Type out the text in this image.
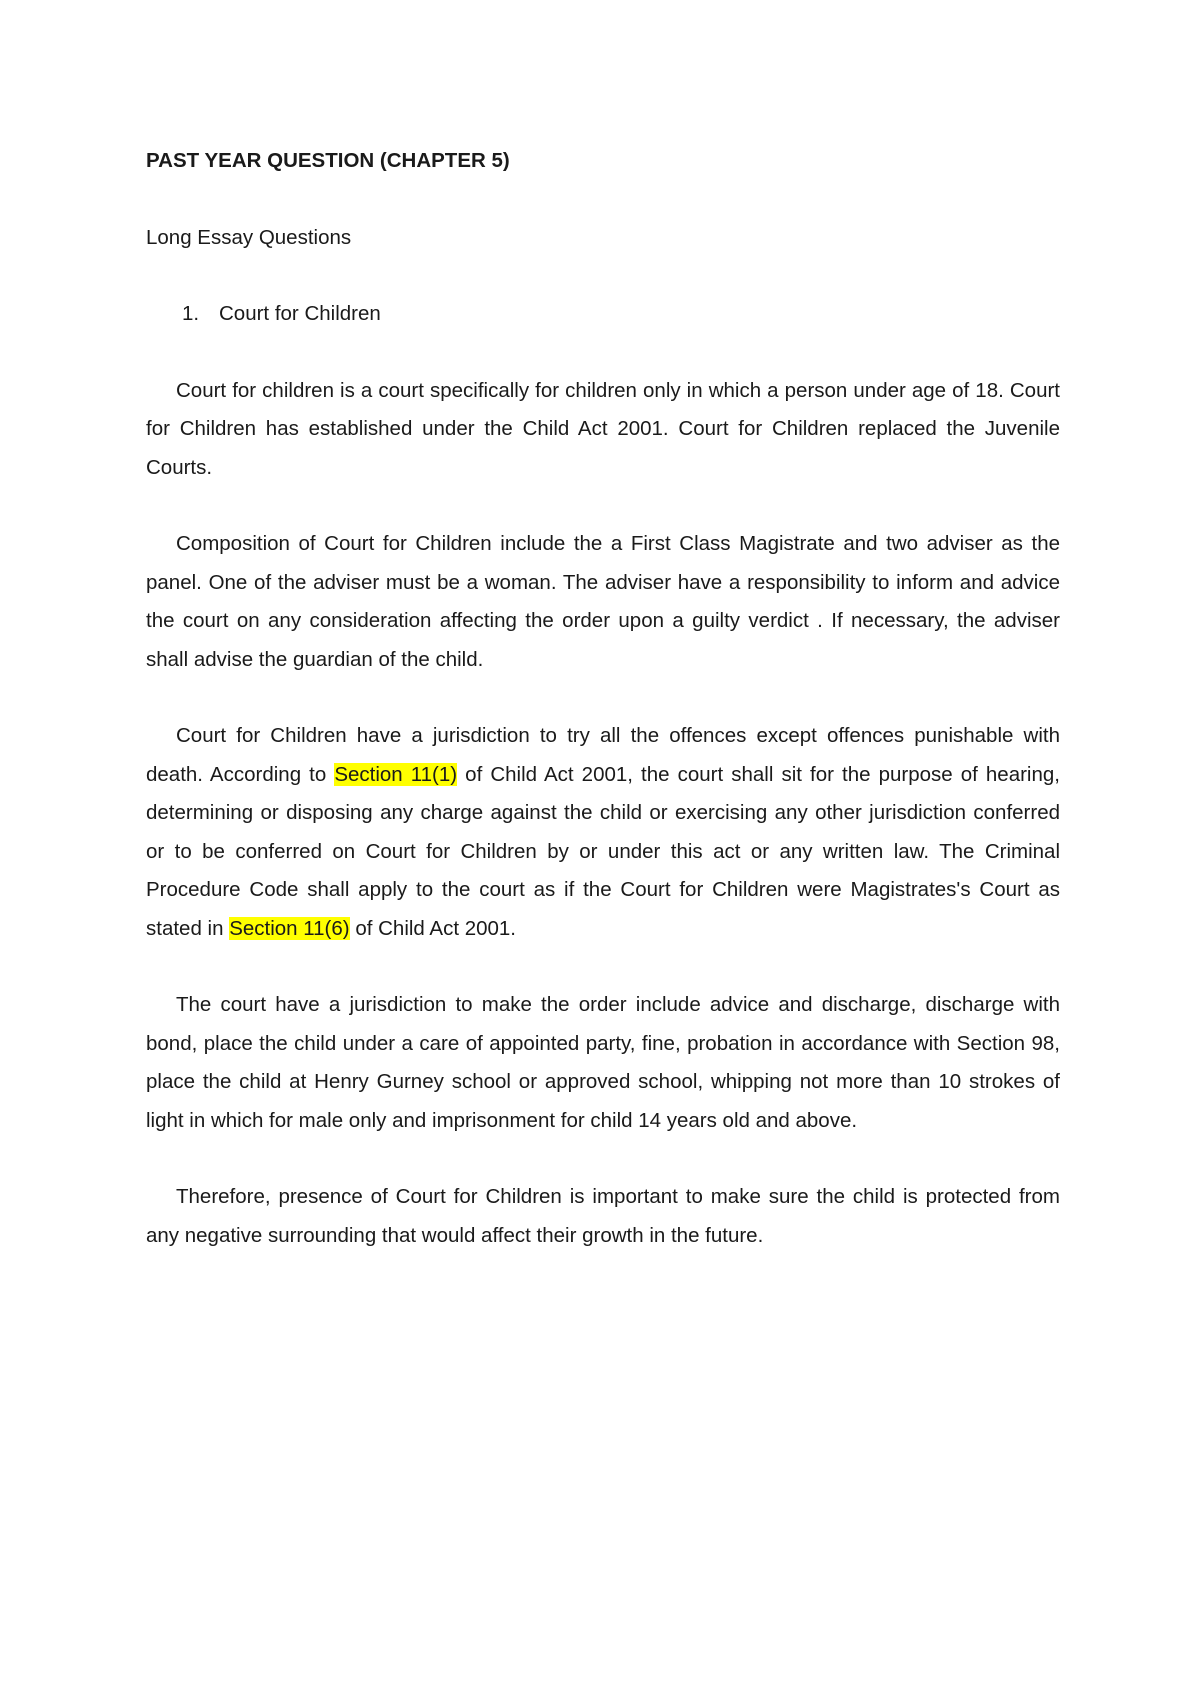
PAST YEAR QUESTION (CHAPTER 5)
Long Essay Questions
1. Court for Children

Court for children is a court specifically for children only in which a person under age of 18. Court for Children has established under the Child Act 2001. Court for Children replaced the Juvenile Courts.

Composition of Court for Children include the a First Class Magistrate and two adviser as the panel. One of the adviser must be a woman. The adviser have a responsibility to inform and advice the court on any consideration affecting the order upon a guilty verdict . If necessary, the adviser shall advise the guardian of the child.

Court for Children have a jurisdiction to try all the offences except offences punishable with death. According to Section 11(1) of Child Act 2001, the court shall sit for the purpose of hearing, determining or disposing any charge against the child or exercising any other jurisdiction conferred or to be conferred on Court for Children by or under this act or any written law. The Criminal Procedure Code shall apply to the court as if the Court for Children were Magistrates's Court as stated in Section 11(6) of Child Act 2001.

The court have a jurisdiction to make the order include advice and discharge, discharge with bond, place the child under a care of appointed party, fine, probation in accordance with Section 98, place the child at Henry Gurney school or approved school, whipping not more than 10 strokes of light in which for male only and imprisonment for child 14 years old and above.

Therefore, presence of Court for Children is important to make sure the child is protected from any negative surrounding that would affect their growth in the future.
